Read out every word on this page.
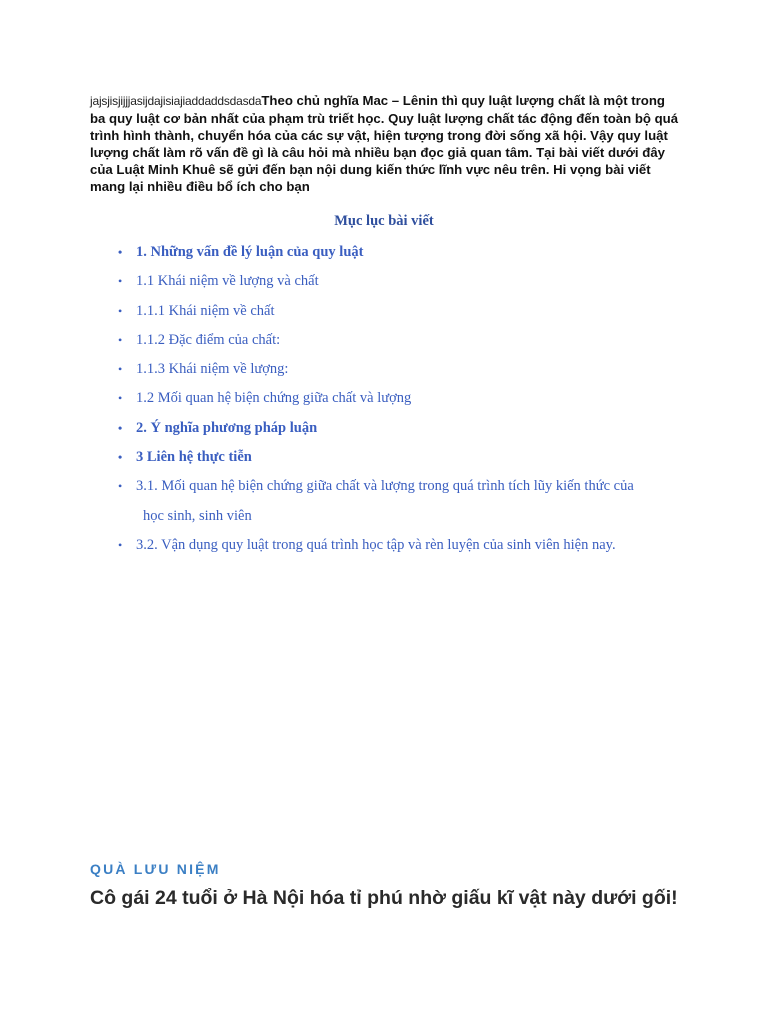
jajsjisjijjjasijdajisiajiaddaddsdasdaTheo chủ nghĩa Mac – Lênin thì quy luật lượng chất là một trong ba quy luật cơ bản nhất của phạm trù triết học. Quy luật lượng chất tác động đến toàn bộ quá trình hình thành, chuyển hóa của các sự vật, hiện tượng trong đời sống xã hội. Vậy quy luật lượng chất làm rõ vấn đề gì là câu hỏi mà nhiều bạn đọc giả quan tâm. Tại bài viết dưới đây của Luật Minh Khuê sẽ gửi đến bạn nội dung kiến thức lĩnh vực nêu trên. Hi vọng bài viết mang lại nhiều điều bổ ích cho bạn
Mục lục bài viết
• 1. Những vấn đề lý luận của quy luật
• 1.1 Khái niệm về lượng và chất
• 1.1.1 Khái niệm về chất
• 1.1.2 Đặc điểm của chất:
• 1.1.3 Khái niệm về lượng:
• 1.2 Mối quan hệ biện chứng giữa chất và lượng
• 2. Ý nghĩa phương pháp luận
• 3 Liên hệ thực tiễn
• 3.1. Mối quan hệ biện chứng giữa chất và lượng trong quá trình tích lũy kiến thức của
học sinh, sinh viên
• 3.2. Vận dụng quy luật trong quá trình học tập và rèn luyện của sinh viên hiện nay.
QUÀ LƯU NIỆM
Cô gái 24 tuổi ở Hà Nội hóa tỉ phú nhờ giấu kĩ vật này dưới gối!
